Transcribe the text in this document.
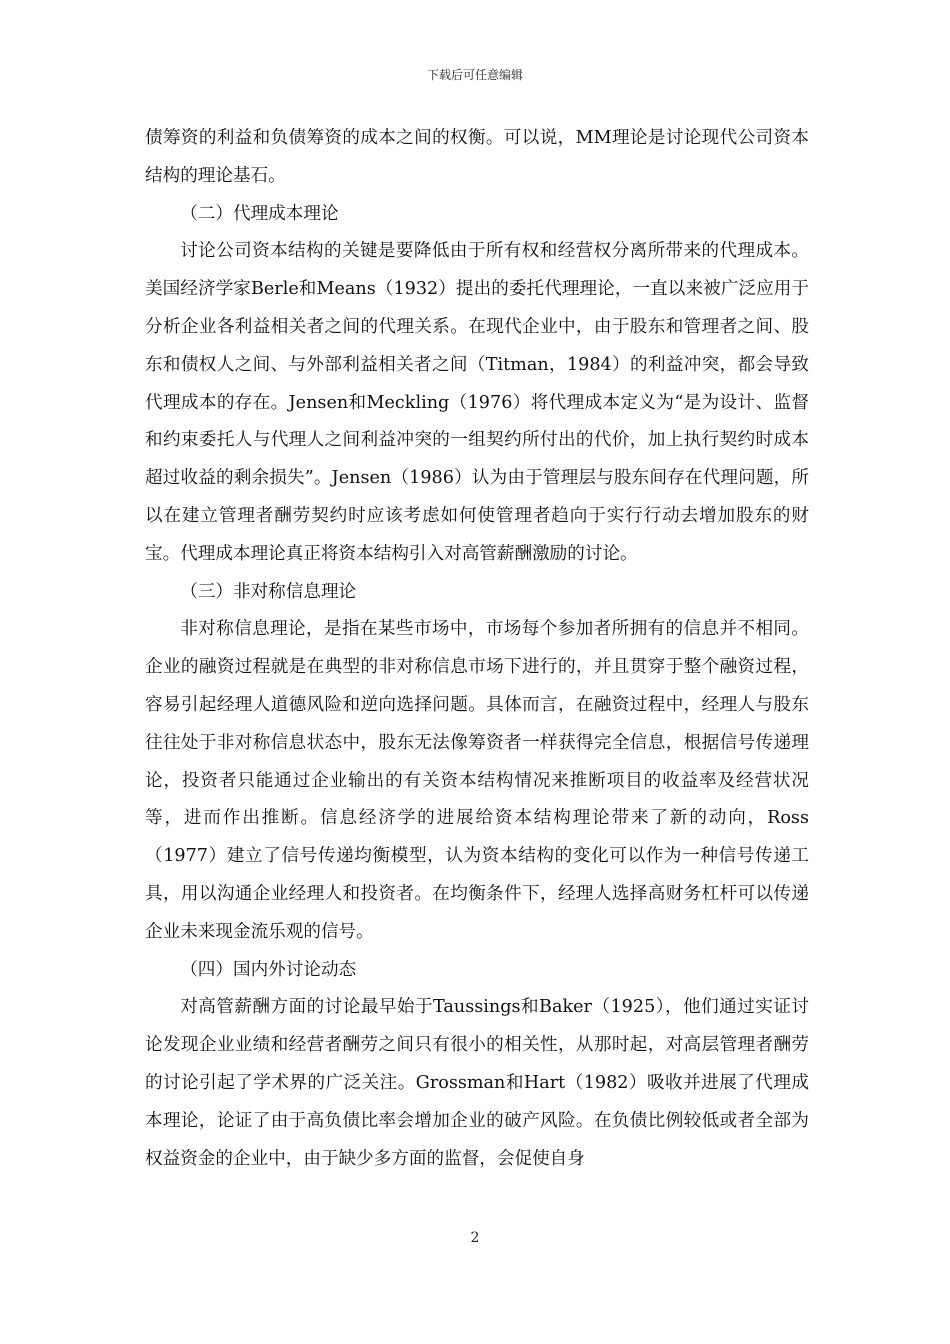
下载后可任意编辑

债筹资的利益和负债筹资的成本之间的权衡。可以说，MM理论是讨论现代公司资本结构的理论基石。

（二）代理成本理论

讨论公司资本结构的关键是要降低由于所有权和经营权分离所带来的代理成本。美国经济学家Berle和Means（1932）提出的委托代理理论，一直以来被广泛应用于分析企业各利益相关者之间的代理关系。在现代企业中，由于股东和管理者之间、股东和债权人之间、与外部利益相关者之间（Titman，1984）的利益冲突，都会导致代理成本的存在。Jensen和Meckling（1976）将代理成本定义为“是为设计、监督和约束委托人与代理人之间利益冲突的一组契约所付出的代价，加上执行契约时成本超过收益的剩余损失”。Jensen（1986）认为由于管理层与股东间存在代理问题，所以在建立管理者酬劳契约时应该考虑如何使管理者趋向于实行行动去增加股东的财宝。代理成本理论真正将资本结构引入对高管薪酬激励的讨论。

（三）非对称信息理论

非对称信息理论，是指在某些市场中，市场每个参加者所拥有的信息并不相同。企业的融资过程就是在典型的非对称信息市场下进行的，并且贯穿于整个融资过程，容易引起经理人道德风险和逆向选择问题。具体而言，在融资过程中，经理人与股东往往处于非对称信息状态中，股东无法像筹资者一样获得完全信息，根据信号传递理论，投资者只能通过企业输出的有关资本结构情况来推断项目的收益率及经营状况等，进而作出推断。信息经济学的进展给资本结构理论带来了新的动向，Ross（1977）建立了信号传递均衡模型，认为资本结构的变化可以作为一种信号传递工具，用以沟通企业经理人和投资者。在均衡条件下，经理人选择高财务杠杆可以传递企业未来现金流乐观的信号。

（四）国内外讨论动态

对高管薪酬方面的讨论最早始于Taussings和Baker（1925），他们通过实证讨论发现企业业绩和经营者酬劳之间只有很小的相关性，从那时起，对高层管理者酬劳的讨论引起了学术界的广泛关注。Grossman和Hart（1982）吸收并进展了代理成本理论，论证了由于高负债比率会增加企业的破产风险。在负债比例较低或者全部为权益资金的企业中，由于缺少多方面的监督，会促使自身

2
